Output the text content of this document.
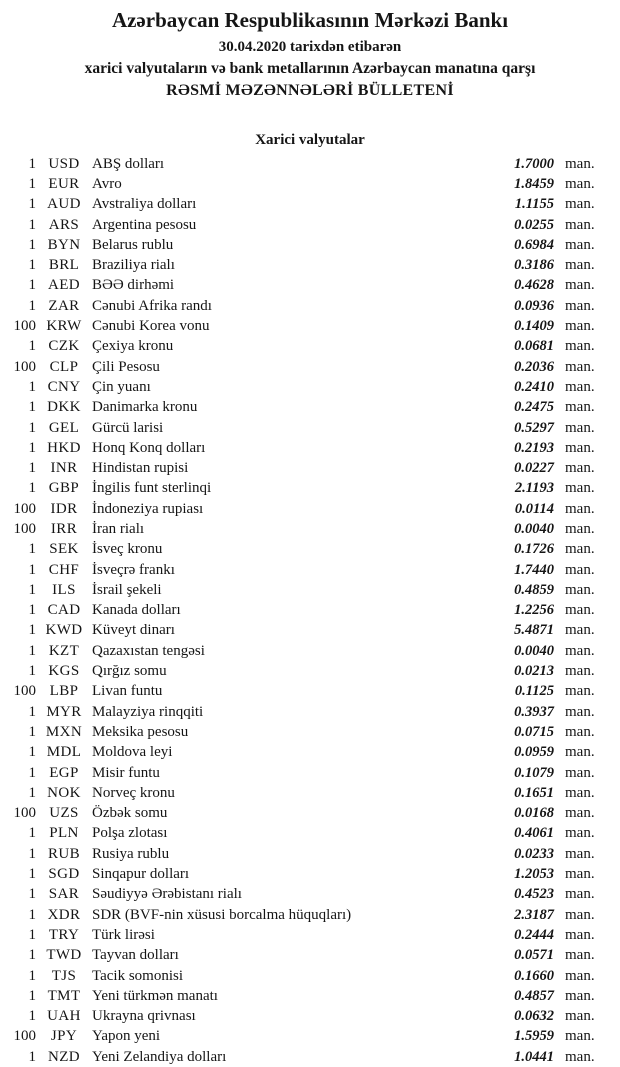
Azərbaycan Respublikasının Mərkəzi Bankı
30.04.2020 tarixdən etibarən
xarici valyutaların və bank metallarının Azərbaycan manatına qarşı
RƏSMİ MƏZƏNNƏLƏRİ BÜLLETENİ
Xarici valyutalar
1 USD ABŞ dolları	1.7000 man.
1 EUR Avro	1.8459 man.
1 AUD Avstraliya dolları	1.1155 man.
1 ARS Argentina pesosu	0.0255 man.
1 BYN Belarus rublu	0.6984 man.
1 BRL Braziliya rialı	0.3186 man.
1 AED BƏƏ dirhəmi	0.4628 man.
1 ZAR Cənubi Afrika randı	0.0936 man.
100 KRW Cənubi Korea vonu	0.1409 man.
1 CZK Çexiya kronu	0.0681 man.
100 CLP Çili Pesosu	0.2036 man.
1 CNY Çin yuanı	0.2410 man.
1 DKK Danimarka kronu	0.2475 man.
1 GEL Gürcü larisi	0.5297 man.
1 HKD Honq Konq dolları	0.2193 man.
1 INR Hindistan rupisi	0.0227 man.
1 GBP İngilis funt sterlinqi	2.1193 man.
100 IDR İndoneziya rupiası	0.0114 man.
100 IRR İran rialı	0.0040 man.
1 SEK İsveç kronu	0.1726 man.
1 CHF İsveçrə frankı	1.7440 man.
1	ILS	İsrail şekeli	0.4859 man.
1 CAD Kanada dolları	1.2256 man.
1 KWD Küveyt dinarı	5.4871 man.
1 KZT Qazaxıstan tengəsi	0.0040 man.
1 KGS Qırğız somu	0.0213 man.
100 LBP Livan funtu	0.1125 man.
1 MYR Malayziya rinqqiti	0.3937 man.
1 MXN Meksika pesosu	0.0715 man.
1 MDL Moldova leyi	0.0959 man.
1 EGP Misir funtu	0.1079 man.
1 NOK Norveç kronu	0.1651 man.
100 UZS Özbək somu	0.0168 man.
1 PLN Polşa zlotası	0.4061 man.
1 RUB Rusiya rublu	0.0233 man.
1 SGD Sinqapur dolları	1.2053 man.
1 SAR Səudiyyə Ərəbistanı rialı	0.4523 man.
1 XDR SDR (BVF-nin xüsusi borcalma hüquqları)	2.3187 man.
1 TRY Türk lirəsi	0.2444 man.
1 TWD Tayvan dolları	0.0571 man.
1	TJS	Tacik somonisi	0.1660 man.
1 TMT Yeni türkmən manatı	0.4857 man.
1 UAH Ukrayna qrivnası	0.0632 man.
100 JPY Yapon yeni	1.5959 man.
1 NZD Yeni Zelandiya dolları	1.0441 man.
